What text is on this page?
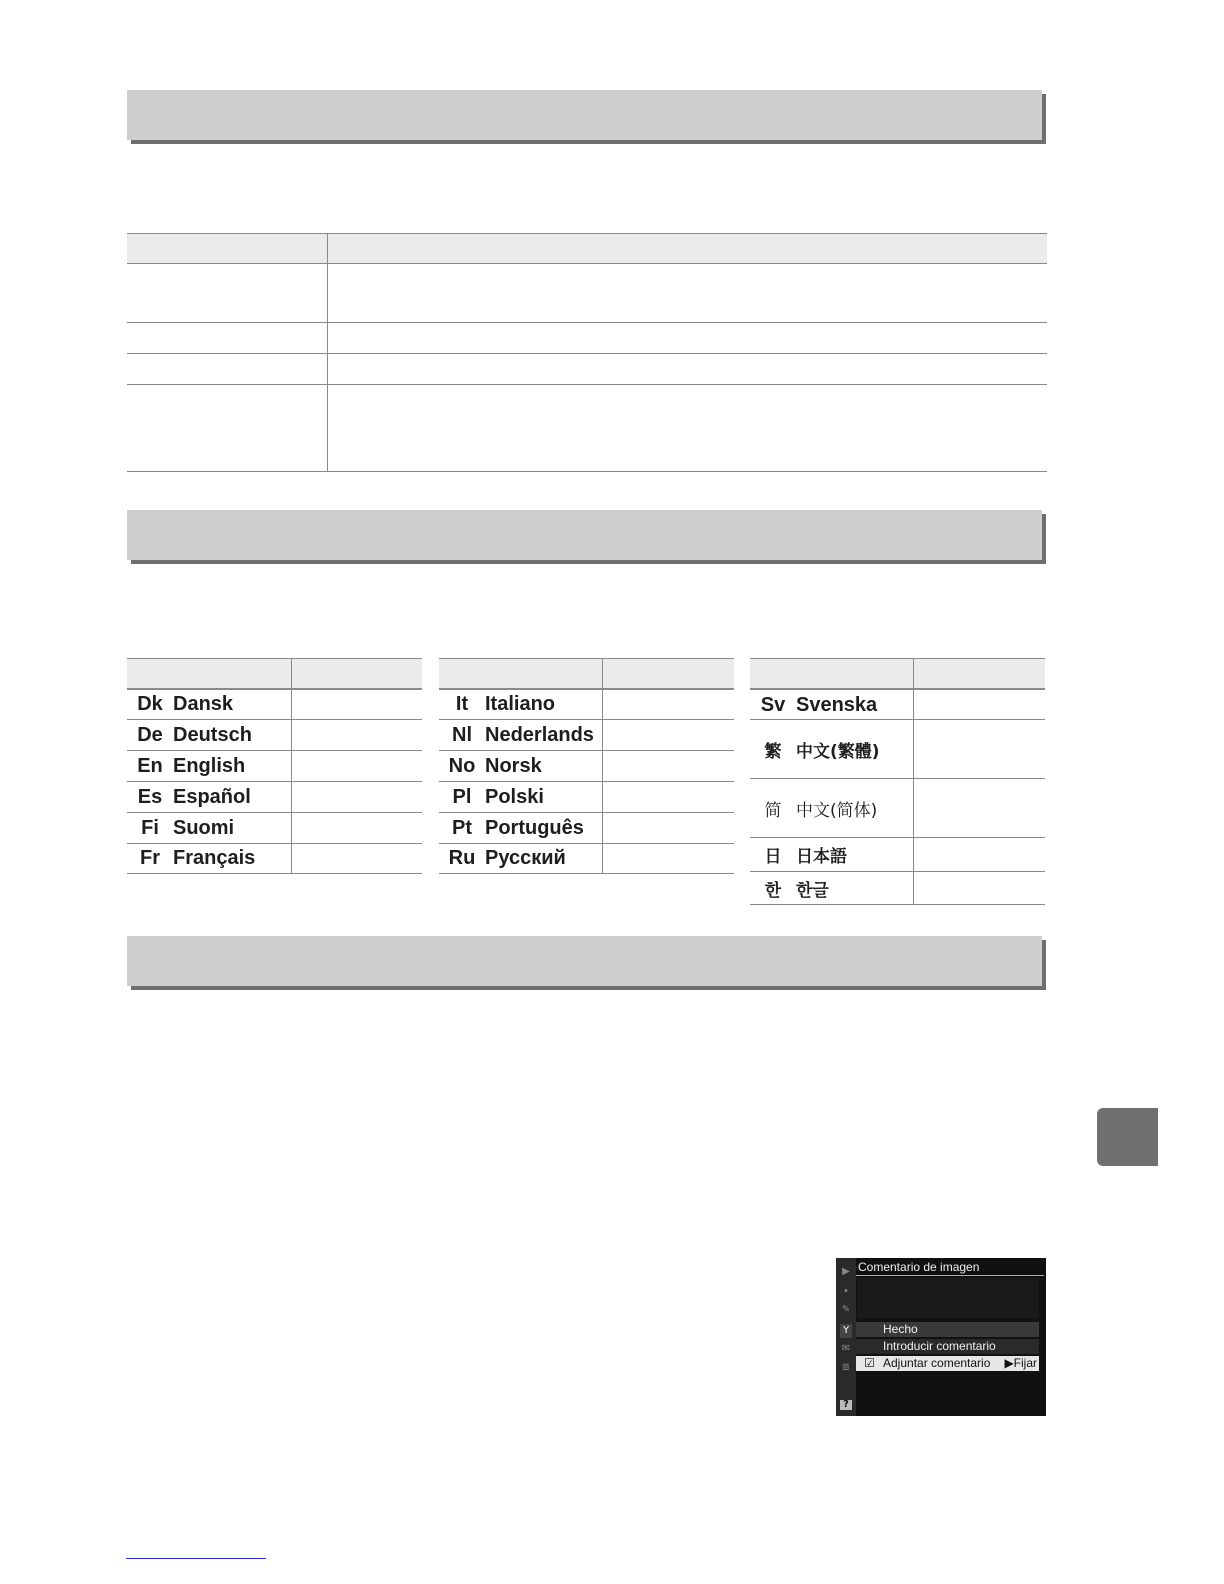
Dk Dansk
De Deutsch
En English
Es Español
Fi Suomi
Fr Français
It Italiano
Nl Nederlands
No Norsk
Pl Polski
Pt Português
Ru Русский
Sv Svenska
繁 中文(繁體)
简 中文(简体)
日 日本語
한 한글
▶
•
✎
Y
✉
≣
?
Comentario de imagen
Hecho
Introducir comentario
☑ Adjuntar comentario ▶Fijar
